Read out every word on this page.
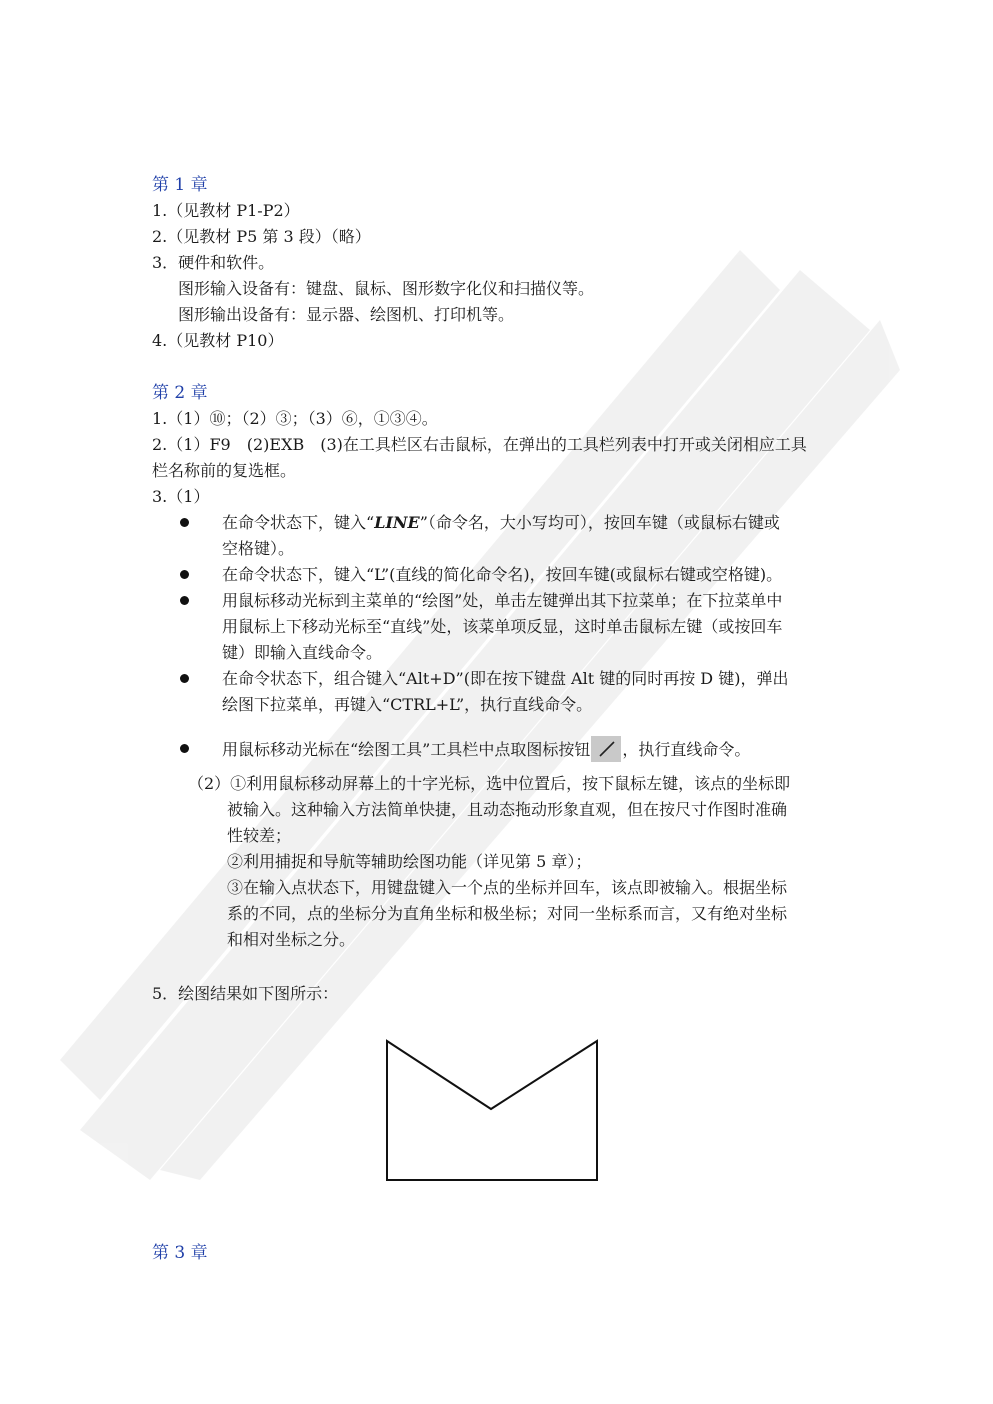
第 1 章
1.（见教材 P1-P2）
2.（见教材 P5 第 3 段）（略）
3．硬件和软件。
图形输入设备有：键盘、鼠标、图形数字化仪和扫描仪等。
图形输出设备有：显示器、绘图机、打印机等。
4.（见教材 P10）
第 2 章
1.（1）⑩；（2）③；（3）⑥，①③④。
2.（1）F9　(2)EXB　(3)在工具栏区右击鼠标，在弹出的工具栏列表中打开或关闭相应工具
栏名称前的复选框。
3.（1）
在命令状态下，键入“LINE”（命令名，大小写均可），按回车键（或鼠标右键或
空格键）。
在命令状态下，键入“L”(直线的简化命令名)，按回车键(或鼠标右键或空格键)。
用鼠标移动光标到主菜单的“绘图”处，单击左键弹出其下拉菜单；在下拉菜单中
用鼠标上下移动光标至“直线”处，该菜单项反显，这时单击鼠标左键（或按回车
键）即输入直线命令。
在命令状态下，组合键入“Alt+D”(即在按下键盘 Alt 键的同时再按 D 键)，弹出
绘图下拉菜单，再键入“CTRL+L”，执行直线命令。
用鼠标移动光标在“绘图工具”工具栏中点取图标按钮 ，执行直线命令。
（2）①利用鼠标移动屏幕上的十字光标，选中位置后，按下鼠标左键，该点的坐标即
被输入。这种输入方法简单快捷，且动态拖动形象直观，但在按尺寸作图时准确
性较差；
②利用捕捉和导航等辅助绘图功能（详见第 5 章）；
③在输入点状态下，用键盘键入一个点的坐标并回车，该点即被输入。根据坐标
系的不同，点的坐标分为直角坐标和极坐标；对同一坐标系而言，又有绝对坐标
和相对坐标之分。
5．绘图结果如下图所示：
第 3 章
